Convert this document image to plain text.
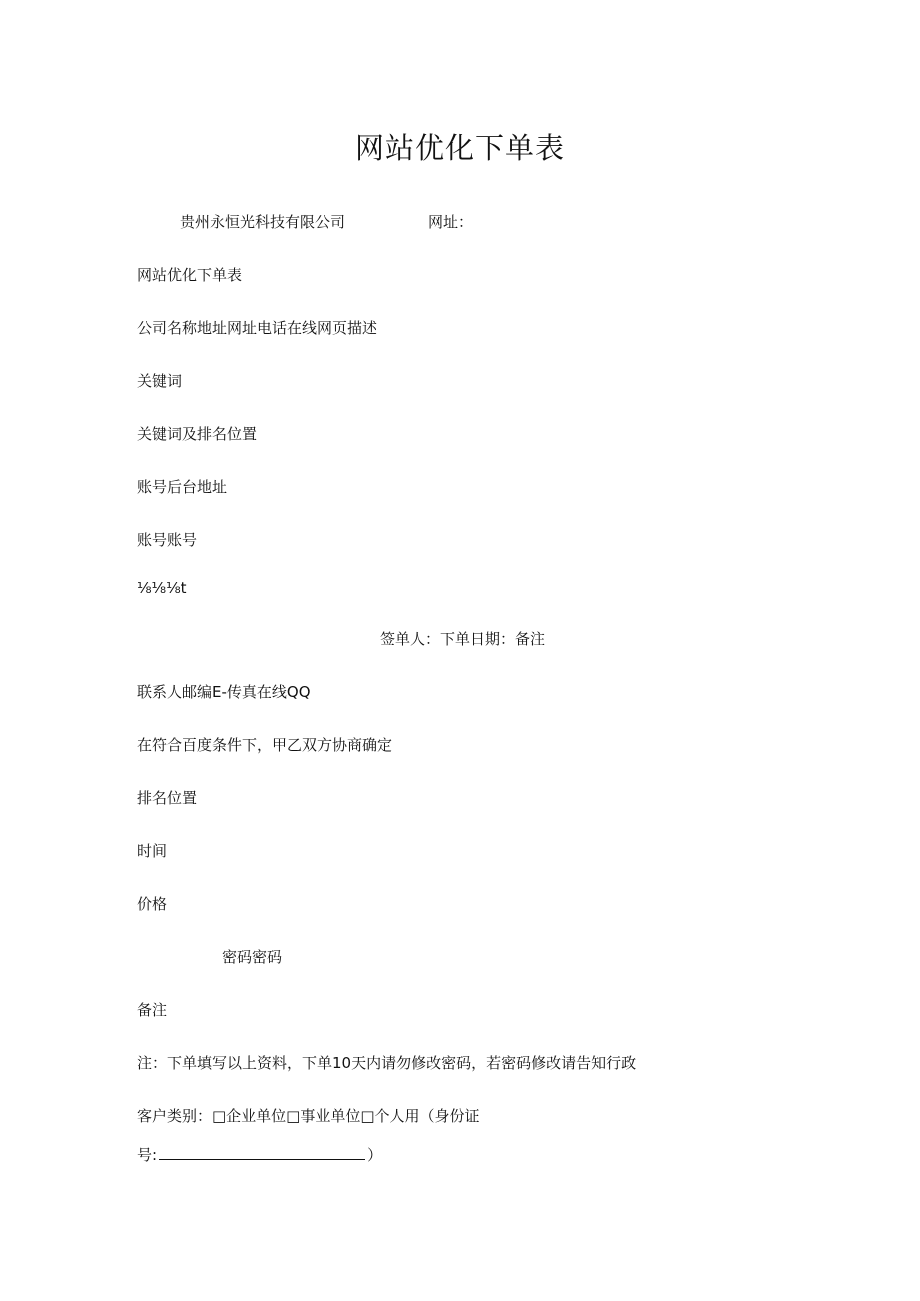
网站优化下单表
贵州永恒光科技有限公司	网址：
网站优化下单表
公司名称地址网址电话在线网页描述
关键词
关键词及排名位置
账号后台地址
账号账号
⅛⅛⅛t
签单人：下单日期：备注
联系人邮编E-传真在线QQ
在符合百度条件下，甲乙双方协商确定
排名位置
时间
价格
密码密码
备注
注：下单填写以上资料，下单10天内请勿修改密码，若密码修改请告知行政
客户类别：□企业单位□事业单位□个人用（身份证
号:	）
